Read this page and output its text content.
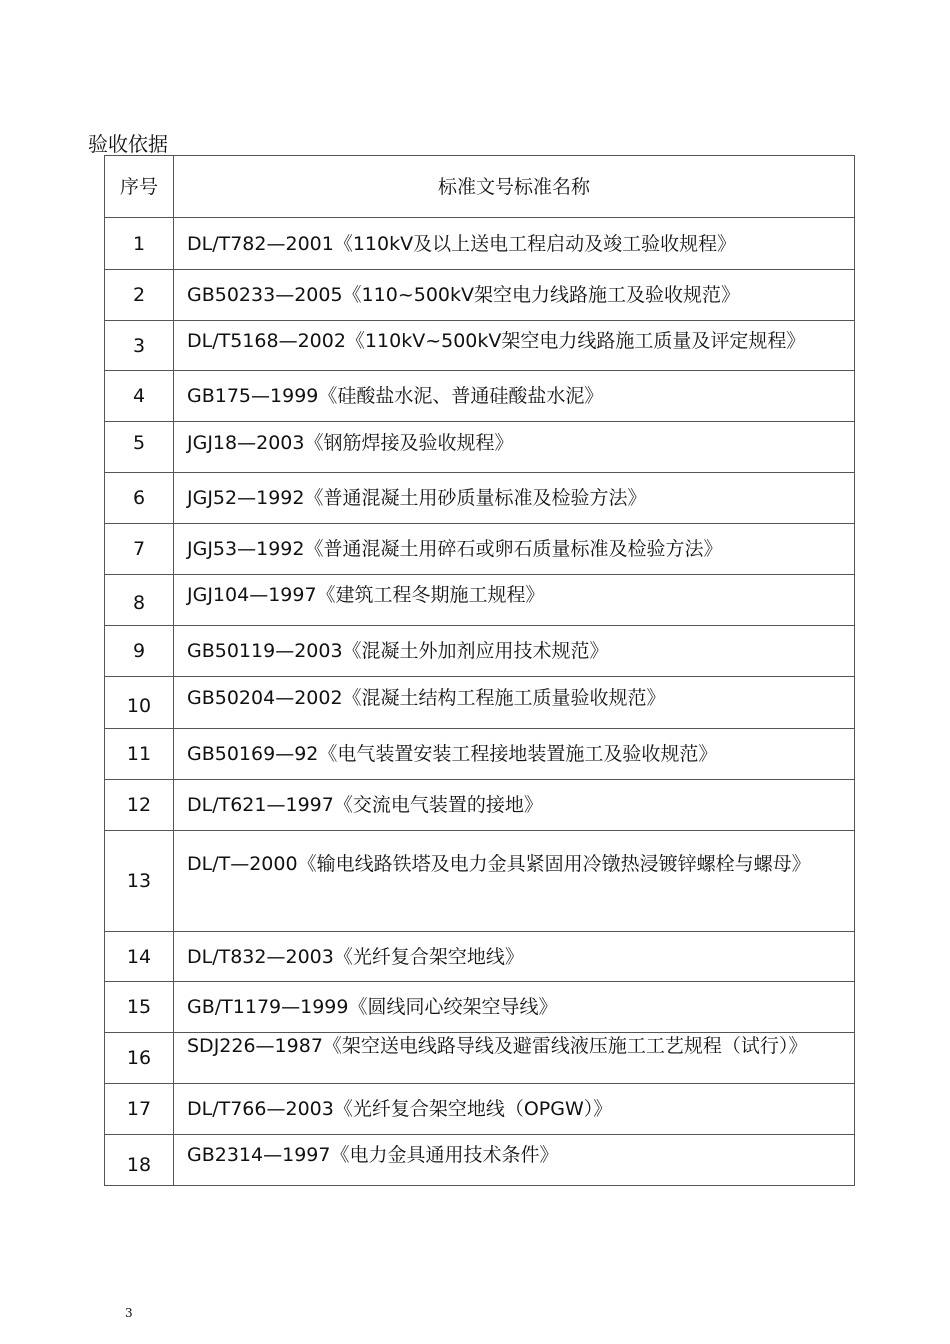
验收依据
序号	标准文号标准名称
1	DL/T782—2001《110kV及以上送电工程启动及竣工验收规程》
2	GB50233—2005《110~500kV架空电力线路施工及验收规范》
3	DL/T5168—2002《110kV~500kV架空电力线路施工质量及评定规程》
4	GB175—1999《硅酸盐水泥、普通硅酸盐水泥》
5	JGJ18—2003《钢筋焊接及验收规程》
6	JGJ52—1992《普通混凝土用砂质量标准及检验方法》
7	JGJ53—1992《普通混凝土用碎石或卵石质量标准及检验方法》
8	JGJ104—1997《建筑工程冬期施工规程》
9	GB50119—2003《混凝土外加剂应用技术规范》
10	GB50204—2002《混凝土结构工程施工质量验收规范》
11	GB50169—92《电气装置安装工程接地装置施工及验收规范》
12	DL/T621—1997《交流电气装置的接地》
13	DL/T—2000《输电线路铁塔及电力金具紧固用冷镦热浸镀锌螺栓与螺母》
14	DL/T832—2003《光纤复合架空地线》
15	GB/T1179—1999《圆线同心绞架空导线》
16	SDJ226—1987《架空送电线路导线及避雷线液压施工工艺规程（试行）》
17	DL/T766—2003《光纤复合架空地线（OPGW）》
18	GB2314—1997《电力金具通用技术条件》
3
